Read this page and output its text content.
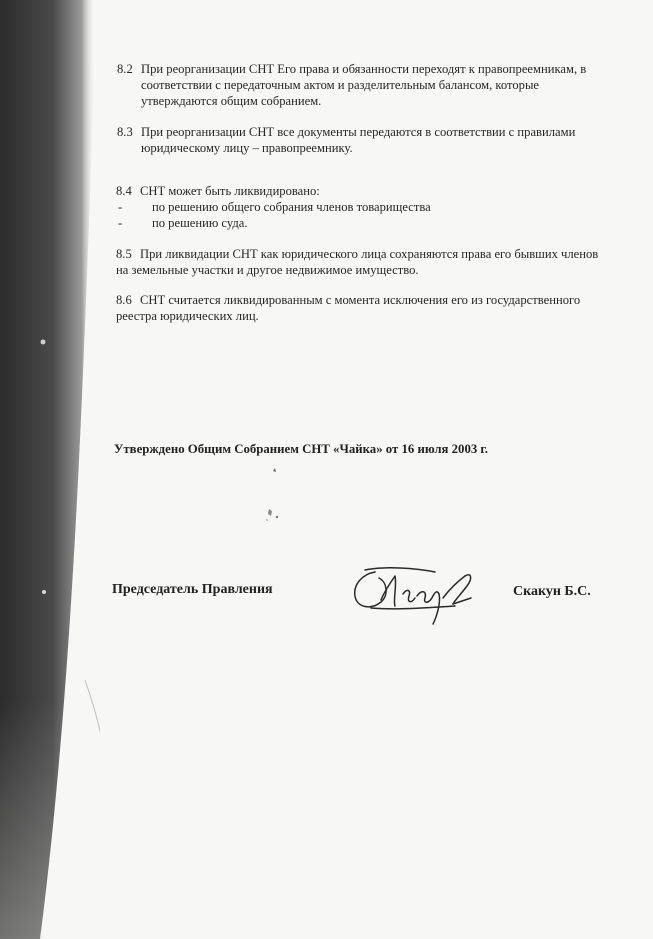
8.2 При реорганизации СНТ Его права и обязанности переходят к правопреемникам, в
соответствии с передаточным актом и разделительным балансом, которые
утверждаются общим собранием.
8.3 При реорганизации СНТ все документы передаются в соответствии с правилами
юридическому лицу – правопреемнику.
8.4 СНТ может быть ликвидировано:
- по решению общего собрания членов товарищества
- по решению суда.
8.5 При ликвидации СНТ как юридического лица сохраняются права его бывших членов
на земельные участки и другое недвижимое имущество.
8.6 СНТ считается ликвидированным с момента исключения его из государственного
реестра юридических лиц.
Утверждено Общим Собранием СНТ «Чайка» от 16 июля 2003 г.
Председатель Правления	Скакун Б.С.
